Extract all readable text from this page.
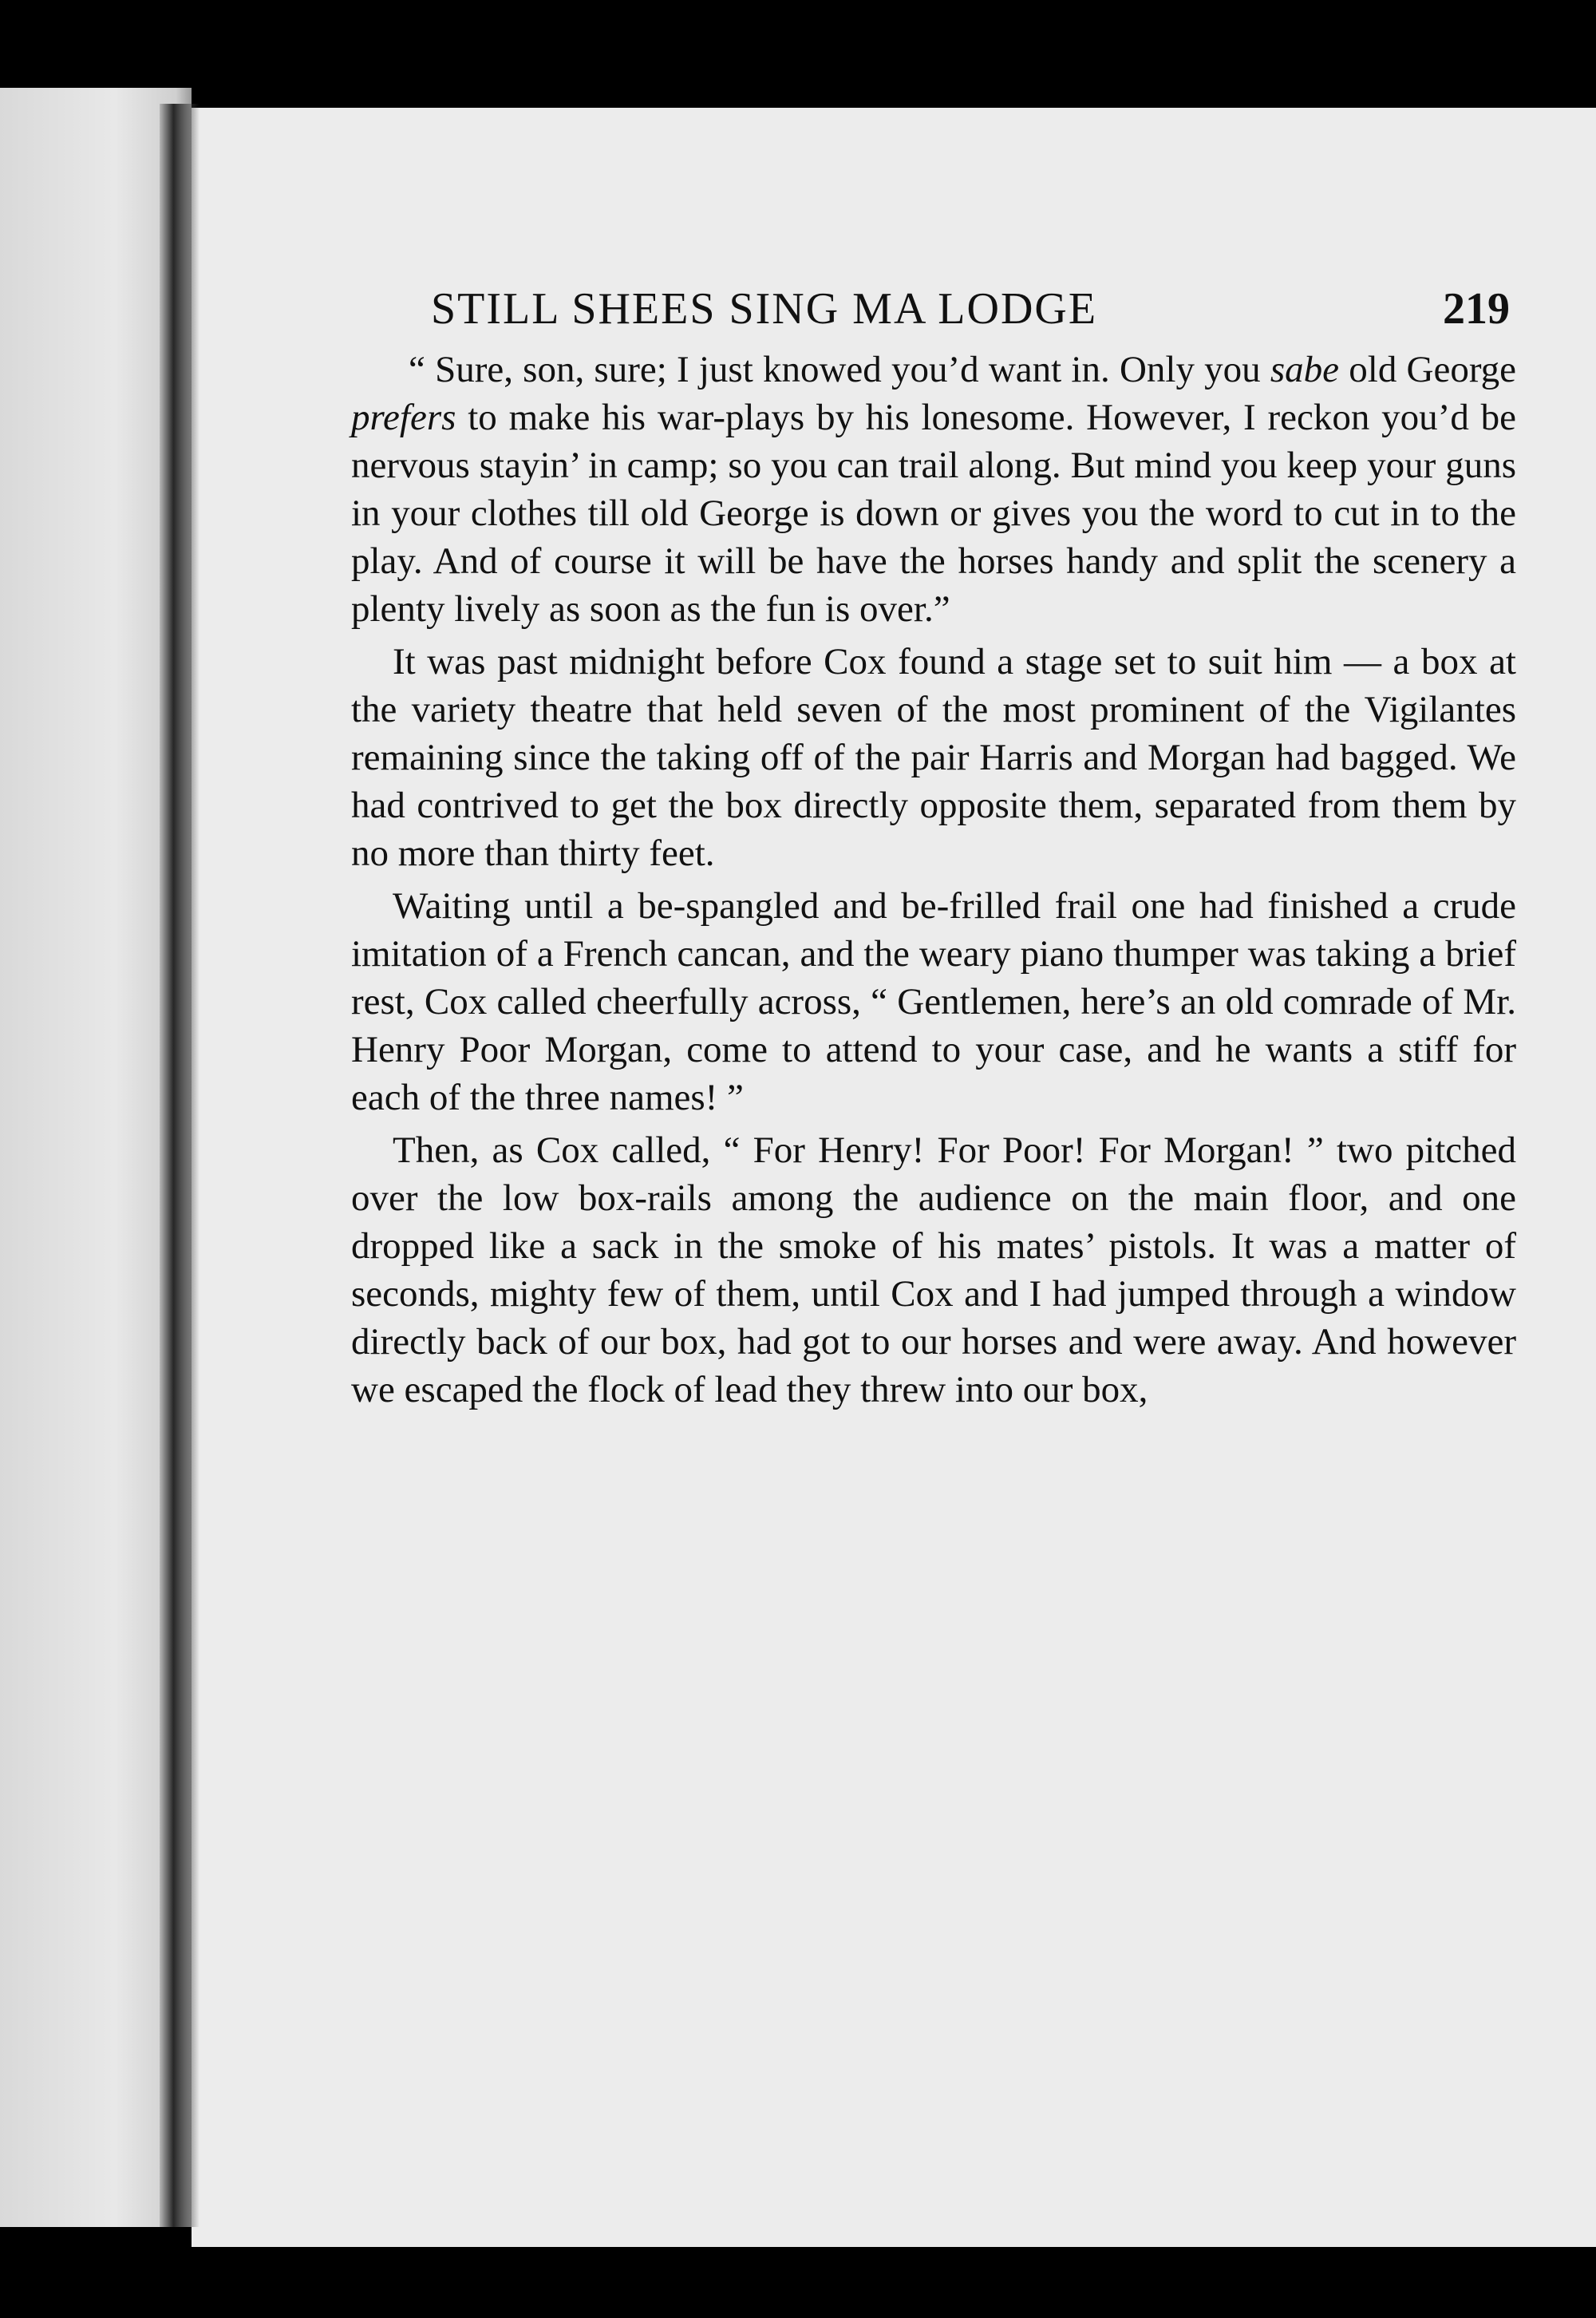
STILL SHEES SING MA LODGE	219

“ Sure, son, sure; I just knowed you’d want in. Only you sabe old George prefers to make his war-plays by his lonesome. However, I reckon you’d be nervous stayin’ in camp; so you can trail along. But mind you keep your guns in your clothes till old George is down or gives you the word to cut in to the play. And of course it will be have the horses handy and split the scenery a plenty lively as soon as the fun is over.”

It was past midnight before Cox found a stage set to suit him — a box at the variety theatre that held seven of the most prominent of the Vigilantes remaining since the taking off of the pair Harris and Morgan had bagged. We had contrived to get the box directly opposite them, separated from them by no more than thirty feet.

Waiting until a be-spangled and be-frilled frail one had finished a crude imitation of a French cancan, and the weary piano thumper was taking a brief rest, Cox called cheerfully across, “ Gentlemen, here’s an old comrade of Mr. Henry Poor Morgan, come to attend to your case, and he wants a stiff for each of the three names! ”

Then, as Cox called, “ For Henry! For Poor! For Morgan! ” two pitched over the low box-rails among the audience on the main floor, and one dropped like a sack in the smoke of his mates’ pistols. It was a matter of seconds, mighty few of them, until Cox and I had jumped through a window directly back of our box, had got to our horses and were away. And however we escaped the flock of lead they threw into our box,
